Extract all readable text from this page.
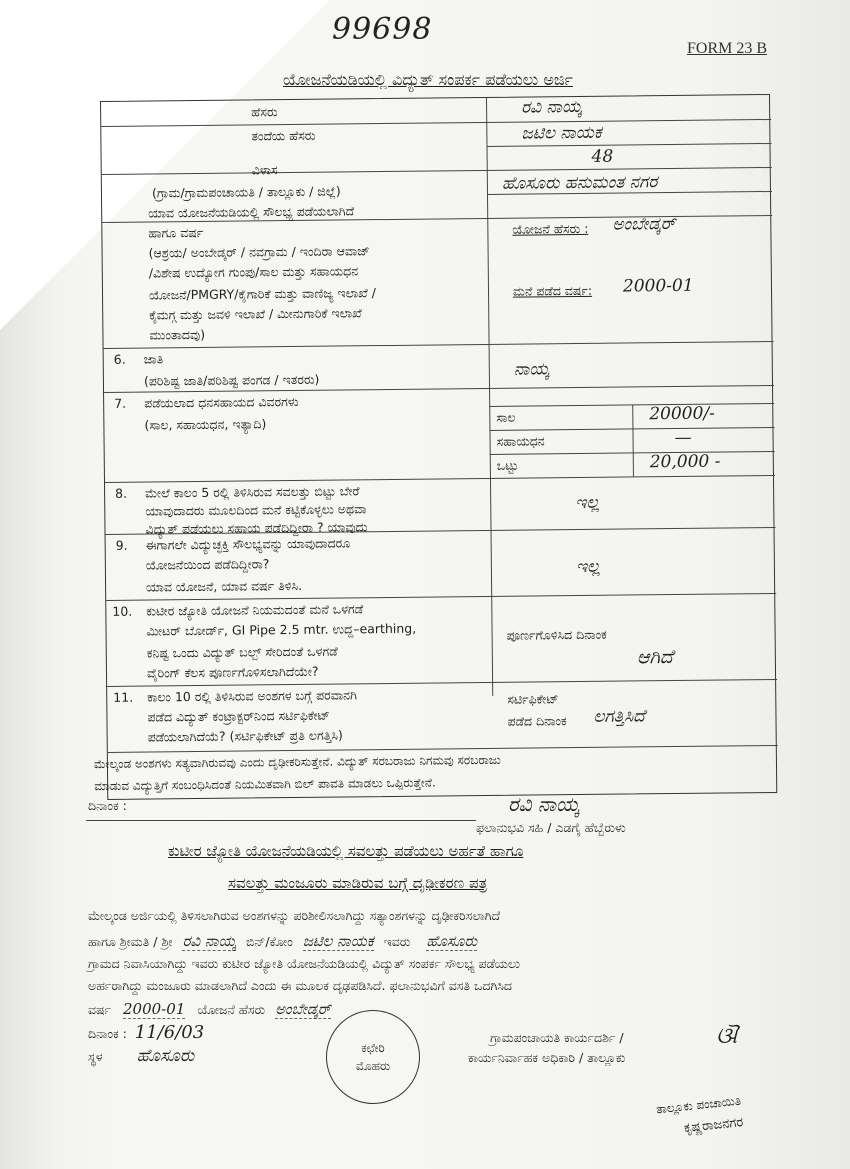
99698
FORM 23 B
ಯೋಜನೆಯಡಿಯಲ್ಲಿ ವಿದ್ಯುತ್ ಸಂಪರ್ಕ ಪಡೆಯಲು ಅರ್ಜಿ
ಹೆಸರು	ರವಿ ನಾಯ್ಕ
ತಂದೆಯ ಹೆಸರು	ಜಟಿಲ ನಾಯಕ
ವಿಳಾಸ
48
(ಗ್ರಾಮ/ಗ್ರಾಮಪಂಚಾಯತಿ / ತಾಲ್ಲೂಕು / ಜಿಲ್ಲೆ)	ಹೊಸೂರು ಹನುಮಂತ ನಗರ
ಯಾವ ಯೋಜನೆಯಡಿಯಲ್ಲಿ ಸೌಲಭ್ಯ ಪಡೆಯಲಾಗಿದೆ
ಹಾಗೂ ವರ್ಷ
(ಆಶ್ರಯ/ ಅಂಬೇಡ್ಕರ್ / ನವಗ್ರಾಮ / ಇಂದಿರಾ ಆವಾಜ್
/ವಿಶೇಷ ಉದ್ಯೋಗ ಗುಂಪು/ಸಾಲ ಮತ್ತು ಸಹಾಯಧನ
ಯೋಜನೆ/PMGRY/ಕೈಗಾರಿಕೆ ಮತ್ತು ವಾಣಿಜ್ಯ ಇಲಾಖೆ /
ಕೈಮಗ್ಗ ಮತ್ತು ಜವಳಿ ಇಲಾಖೆ / ಮೀನುಗಾರಿಕೆ ಇಲಾಖೆ
ಮುಂತಾದವು)
ಯೋಜನೆ ಹೆಸರು : ಅಂಬೇಡ್ಕರ್
ಮನೆ ಪಡೆದ ವರ್ಷ: 2000-01
6. ಜಾತಿ
(ಪರಿಶಿಷ್ಟ ಜಾತಿ/ಪರಿಶಿಷ್ಟ ಪಂಗಡ / ಇತರರು)
ನಾಯ್ಕ
7. ಪಡೆಯಲಾದ ಧನಸಹಾಯದ ವಿವರಗಳು
(ಸಾಲ, ಸಹಾಯಧನ, ಇತ್ಯಾದಿ)	ಸಾಲ	20000/-
ಸಹಾಯಧನ	—
ಒಟ್ಟು	20,000 -
8. ಮೇಲೆ ಕಾಲಂ 5 ರಲ್ಲಿ ತಿಳಿಸಿರುವ ಸವಲತ್ತು ಬಿಟ್ಟು ಬೇರೆ
ಯಾವುದಾದರು ಮೂಲದಿಂದ ಮನೆ ಕಟ್ಟಿಕೊಳ್ಳಲು ಅಥವಾ
ವಿದ್ಯುತ್ ಪಡೆಯಲು ಸಹಾಯ ಪಡೆದಿದ್ದೀರಾ ? ಯಾವುದು
ಇಲ್ಲ
9. ಈಗಾಗಲೇ ವಿದ್ಯುಚ್ಛಕ್ತಿ ಸೌಲಭ್ಯವನ್ನು ಯಾವುದಾದರೂ
ಯೋಜನೆಯಿಂದ ಪಡೆದಿದ್ದೀರಾ?
ಯಾವ ಯೋಜನೆ, ಯಾವ ವರ್ಷ ತಿಳಿಸಿ.
ಇಲ್ಲ
10. ಕುಟೀರ ಜ್ಯೋತಿ ಯೋಜನೆ ನಿಯಮದಂತೆ ಮನೆ ಒಳಗಡೆ
ಮೀಟರ್ ಬೋರ್ಡ್, GI Pipe 2.5 mtr. ಉದ್ದ–earthing,
ಕನಿಷ್ಟ ಒಂದು ವಿದ್ಯುತ್ ಬಲ್ಬ್ ಸೇರಿದಂತೆ ಒಳಗಡೆ
ವೈರಿಂಗ್ ಕೆಲಸ ಪೂರ್ಣಗೊಳಿಸಲಾಗಿದೆಯೇ?
ಪೂರ್ಣಗೊಳಿಸಿದ ದಿನಾಂಕ
ಆಗಿದೆ
11. ಕಾಲಂ 10 ರಲ್ಲಿ ತಿಳಿಸಿರುವ ಅಂಶಗಳ ಬಗ್ಗೆ ಪರವಾನಗಿ
ಪಡೆದ ವಿದ್ಯುತ್ ಕಂಟ್ರಾಕ್ಟರ್‌ನಿಂದ ಸರ್ಟಿಫಿಕೇಟ್
ಪಡೆಯಲಾಗಿದೆಯೆ? (ಸರ್ಟಿಫಿಕೇಟ್ ಪ್ರತಿ ಲಗತ್ತಿಸಿ)
ಸರ್ಟಿಫಿಕೇಟ್
ಪಡೆದ ದಿನಾಂಕ ಲಗತ್ತಿಸಿದೆ
ಮೇಲ್ಕಂಡ ಅಂಶಗಳು ಸತ್ಯವಾಗಿರುವವು ಎಂದು ದೃಢೀಕರಿಸುತ್ತೇನೆ. ವಿದ್ಯುತ್ ಸರಬರಾಜು ನಿಗಮವು ಸರಬರಾಜು
ಮಾಡುವ ವಿದ್ಯುತ್ತಿಗೆ ಸಂಬಂಧಿಸಿದಂತೆ ನಿಯಮಿತವಾಗಿ ಬಿಲ್ ಪಾವತಿ ಮಾಡಲು ಒಪ್ಪಿರುತ್ತೇನೆ.
ದಿನಾಂಕ :	ರವಿ ನಾಯ್ಕ
ಫಲಾನುಭವಿ ಸಹಿ / ಎಡಗೈ ಹೆಬ್ಬೆರುಳು
ಕುಟೀರ ಜ್ಯೋತಿ ಯೋಜನೆಯಡಿಯಲ್ಲಿ ಸವಲತ್ತು ಪಡೆಯಲು ಅರ್ಹತೆ ಹಾಗೂ
ಸವಲತ್ತು ಮಂಜೂರು ಮಾಡಿರುವ ಬಗ್ಗೆ ದೃಢೀಕರಣ ಪತ್ರ
ಮೇಲ್ಕಂಡ ಅರ್ಜಿಯಲ್ಲಿ ತಿಳಿಸಲಾಗಿರುವ ಅಂಶಗಳನ್ನು ಪರಿಶೀಲಿಸಲಾಗಿದ್ದು ಸತ್ಯಾಂಶಗಳನ್ನು ದೃಢೀಕರಿಸಲಾಗಿದೆ
ಹಾಗೂ ಶ್ರೀಮತಿ / ಶ್ರೀ ರವಿ ನಾಯ್ಕ ಬಿನ್/ಕೋಂ ಜಟಿಲ ನಾಯಕ ಇವರು ಹೊಸೂರು
ಗ್ರಾಮದ ನಿವಾಸಿಯಾಗಿದ್ದು ಇವರು ಕುಟೀರ ಜ್ಯೋತಿ ಯೋಜನೆಯಡಿಯಲ್ಲಿ ವಿದ್ಯುತ್ ಸಂಪರ್ಕ ಸೌಲಭ್ಯ ಪಡೆಯಲು
ಅರ್ಹರಾಗಿದ್ದು ಮಂಜೂರು ಮಾಡಲಾಗಿದೆ ಎಂದು ಈ ಮೂಲಕ ದೃಢಪಡಿಸಿದೆ. ಫಲಾನುಭವಿಗೆ ವಸತಿ ಒದಗಿಸಿದ
ವರ್ಷ 2000-01 ಯೋಜನೆ ಹೆಸರು ಅಂಬೇಡ್ಕರ್
ದಿನಾಂಕ : 11/6/03
ಸ್ಥಳ ಹೊಸೂರು	ಕಛೇರಿ
ಮೊಹರು
ಗ್ರಾಮಪಂಚಾಯತಿ ಕಾರ್ಯದರ್ಶಿ /
ಕಾರ್ಯನಿರ್ವಾಹಕ ಅಧಿಕಾರಿ / ತಾಲ್ಲೂಕು
ଔ
ತಾಲ್ಲೂಕು ಪಂಚಾಯಿತಿ
ಕೃಷ್ಣರಾಜನಗರ
